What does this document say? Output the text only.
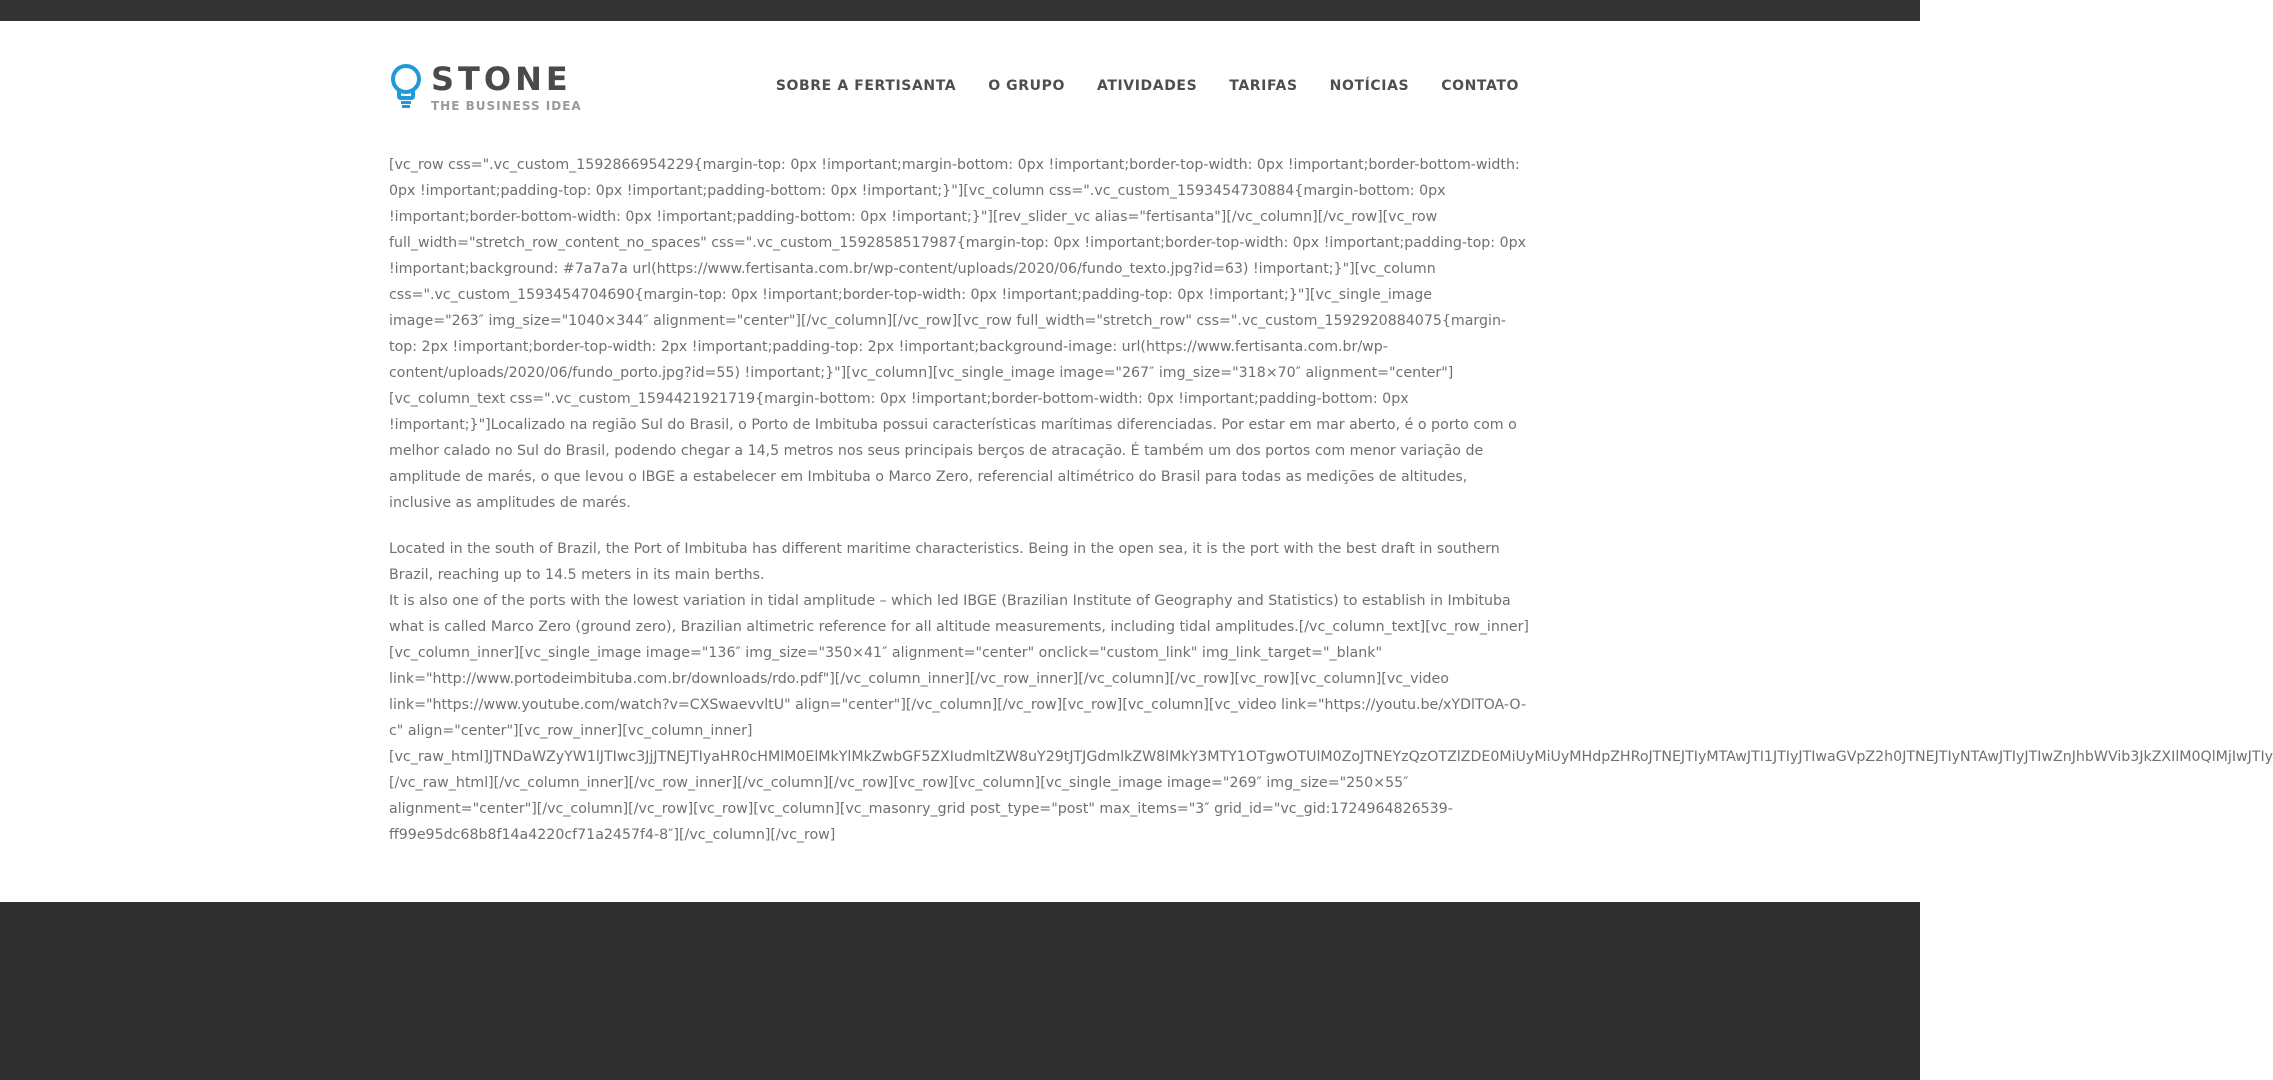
STONE
THE BUSINESS IDEA
SOBRE A FERTISANTA O GRUPO ATIVIDADES TARIFAS NOTÍCIAS CONTATO

[vc_row css=".vc_custom_1592866954229{margin-top: 0px !important;margin-bottom: 0px !important;border-top-width: 0px !important;border-bottom-width: 0px !important;padding-top: 0px !important;padding-bottom: 0px !important;}"][vc_column css=".vc_custom_1593454730884{margin-bottom: 0px !important;border-bottom-width: 0px !important;padding-bottom: 0px !important;}"][rev_slider_vc alias="fertisanta"][/vc_column][/vc_row][vc_row full_width="stretch_row_content_no_spaces" css=".vc_custom_1592858517987{margin-top: 0px !important;border-top-width: 0px !important;padding-top: 0px !important;background: #7a7a7a url(https://www.fertisanta.com.br/wp-content/uploads/2020/06/fundo_texto.jpg?id=63) !important;}"][vc_column css=".vc_custom_1593454704690{margin-top: 0px !important;border-top-width: 0px !important;padding-top: 0px !important;}"][vc_single_image image="263″ img_size="1040×344″ alignment="center"][/vc_column][/vc_row][vc_row full_width="stretch_row" css=".vc_custom_1592920884075{margin-top: 2px !important;border-top-width: 2px !important;padding-top: 2px !important;background-image: url(https://www.fertisanta.com.br/wp-content/uploads/2020/06/fundo_porto.jpg?id=55) !important;}"][vc_column][vc_single_image image="267″ img_size="318×70″ alignment="center"][vc_column_text css=".vc_custom_1594421921719{margin-bottom: 0px !important;border-bottom-width: 0px !important;padding-bottom: 0px !important;}"]Localizado na região Sul do Brasil, o Porto de Imbituba possui características marítimas diferenciadas. Por estar em mar aberto, é o porto com o melhor calado no Sul do Brasil, podendo chegar a 14,5 metros nos seus principais berços de atracação. É também um dos portos com menor variação de amplitude de marés, o que levou o IBGE a estabelecer em Imbituba o Marco Zero, referencial altimétrico do Brasil para todas as medições de altitudes, inclusive as amplitudes de marés.

Located in the south of Brazil, the Port of Imbituba has different maritime characteristics. Being in the open sea, it is the port with the best draft in southern Brazil, reaching up to 14.5 meters in its main berths.

It is also one of the ports with the lowest variation in tidal amplitude – which led IBGE (Brazilian Institute of Geography and Statistics) to establish in Imbituba what is called Marco Zero (ground zero), Brazilian altimetric reference for all altitude measurements, including tidal amplitudes.[/vc_column_text][vc_row_inner][vc_column_inner][vc_single_image image="136″ img_size="350×41″ alignment="center" onclick="custom_link" img_link_target="_blank" link="http://www.portodeimbituba.com.br/downloads/rdo.pdf"][/vc_column_inner][/vc_row_inner][/vc_column][/vc_row][vc_row][vc_column][vc_video link="https://www.youtube.com/watch?v=CXSwaevvltU" align="center"][/vc_column][/vc_row][vc_row][vc_column][vc_video link="https://youtu.be/xYDlTOA-O-c" align="center"][vc_row_inner][vc_column_inner]

[vc_raw_html]JTNDaWZyYW1lJTIwc3JjJTNEJTIyaHR0cHMlM0ElMkYlMkZwbGF5ZXIudmltZW8uY29tJTJGdmlkZW8lMkY3MTY1OTgwOTUlM0ZoJTNEYzQzOTZlZDE0MiUyMiUyMHdpZHRoJTNEJTIyMTAwJTI1JTIyJTIwaGVpZ2h0JTNEJTIyNTAwJTIyJTIwZnJhbWVib3JkZXIlM0QlMjIwJTIy

[/vc_raw_html][/vc_column_inner][/vc_row_inner][/vc_column][/vc_row][vc_row][vc_column][vc_single_image image="269″ img_size="250×55″ alignment="center"][/vc_column][/vc_row][vc_row][vc_column][vc_masonry_grid post_type="post" max_items="3″ grid_id="vc_gid:1724964826539-ff99e95dc68b8f14a4220cf71a2457f4-8″][/vc_column][/vc_row]
